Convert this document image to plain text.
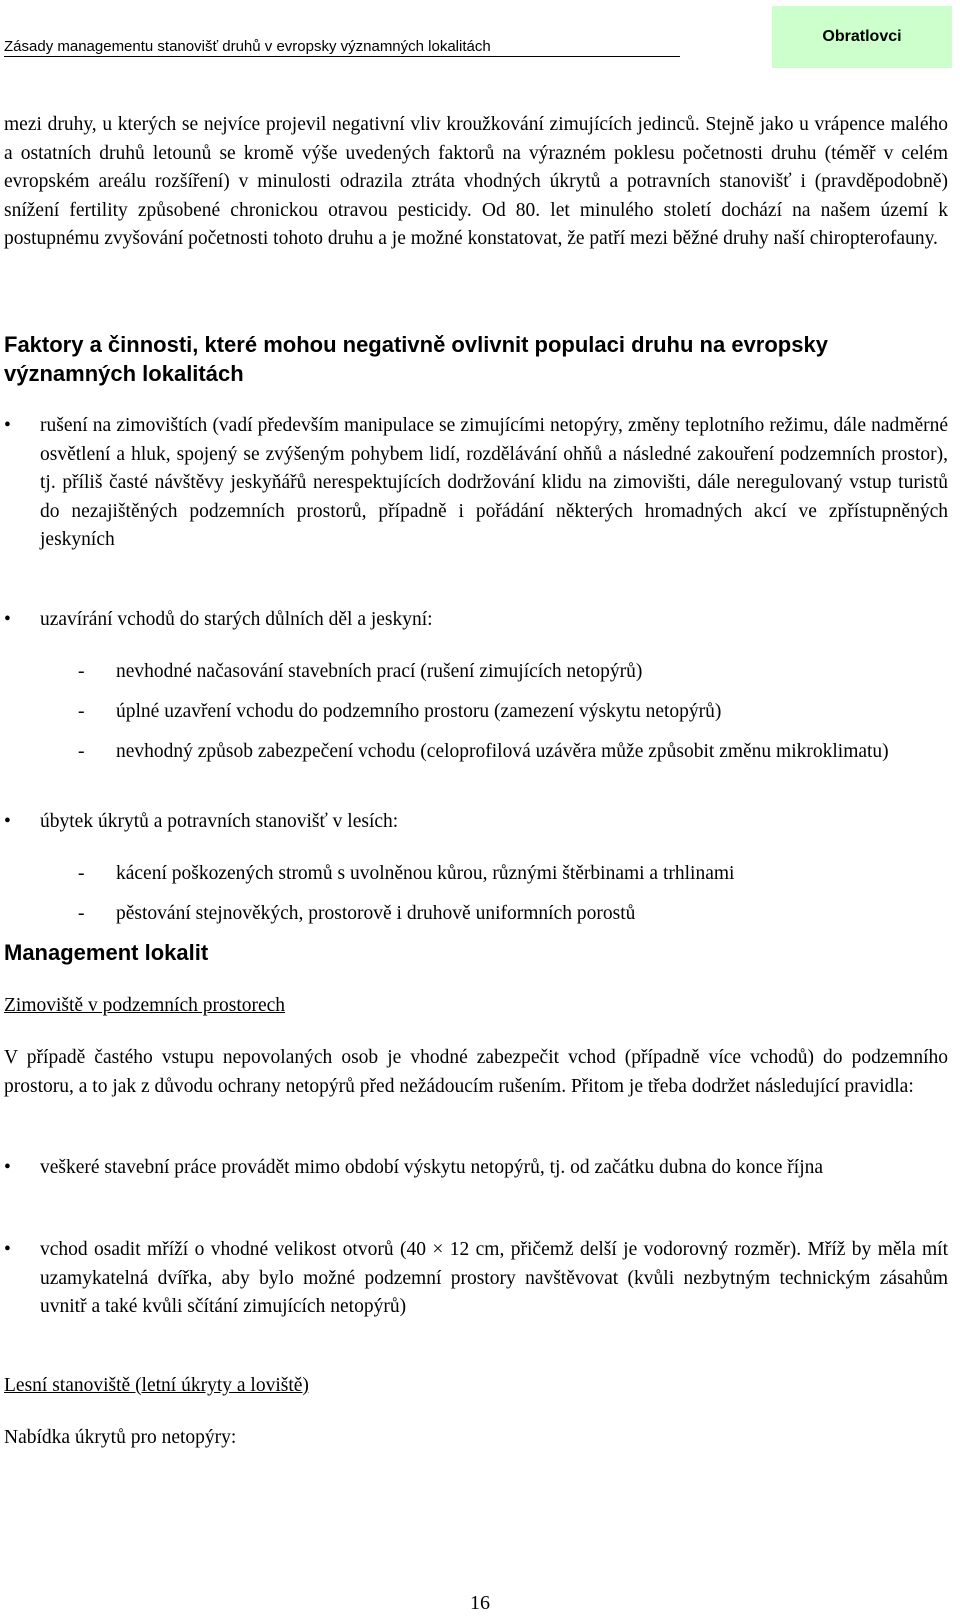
Zásady managementu stanovišť druhů v evropsky významných lokalitách
Obratlovci
mezi druhy, u kterých se nejvíce projevil negativní vliv kroužkování zimujících jedinců. Stejně jako u vrápence malého a ostatních druhů letounů se kromě výše uvedených faktorů na výrazném poklesu početnosti druhu (téměř v celém evropském areálu rozšíření) v minulosti odrazila ztráta vhodných úkrytů a potravních stanovišť i (pravděpodobně) snížení fertility způsobené chronickou otravou pesticidy. Od 80. let minulého století dochází na našem území k postupnému zvyšování početnosti tohoto druhu a je možné konstatovat, že patří mezi běžné druhy naší chiropterofauny.
Faktory a činnosti, které mohou negativně ovlivnit populaci druhu na evropsky významných lokalitách
• rušení na zimovištích (vadí především manipulace se zimujícími netopýry, změny teplotního režimu, dále nadměrné osvětlení a hluk, spojený se zvýšeným pohybem lidí, rozdělávání ohňů a následné zakouření podzemních prostor), tj. příliš časté návštěvy jeskyňářů nerespektujících dodržování klidu na zimovišti, dále neregulovaný vstup turistů do nezajištěných podzemních prostorů, případně i pořádání některých hromadných akcí ve zpřístupněných jeskyních
• uzavírání vchodů do starých důlních děl a jeskyní:
- nevhodné načasování stavebních prací (rušení zimujících netopýrů)
- úplné uzavření vchodu do podzemního prostoru (zamezení výskytu netopýrů)
- nevhodný způsob zabezpečení vchodu (celoprofilová uzávěra může způsobit změnu mikroklimatu)
• úbytek úkrytů a potravních stanovišť v lesích:
- kácení poškozených stromů s uvolněnou kůrou, různými štěrbinami a trhlinami
- pěstování stejnověkých, prostorově i druhově uniformních porostů
Management lokalit
Zimoviště v podzemních prostorech
V případě častého vstupu nepovolaných osob je vhodné zabezpečit vchod (případně více vchodů) do podzemního prostoru, a to jak z důvodu ochrany netopýrů před nežádoucím rušením. Přitom je třeba dodržet následující pravidla:
• veškeré stavební práce provádět mimo období výskytu netopýrů, tj. od začátku dubna do konce října
• vchod osadit mříží o vhodné velikost otvorů (40 × 12 cm, přičemž delší je vodorovný rozměr). Mříž by měla mít uzamykatelná dvířka, aby bylo možné podzemní prostory navštěvovat (kvůli nezbytným technickým zásahům uvnitř a také kvůli sčítání zimujících netopýrů)
Lesní stanoviště (letní úkryty a loviště)
Nabídka úkrytů pro netopýry:
16
